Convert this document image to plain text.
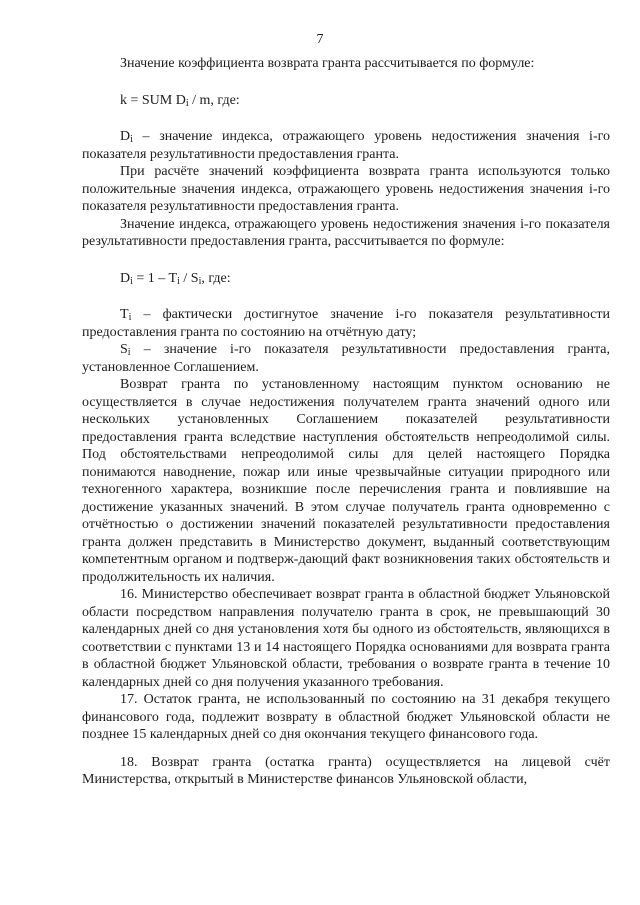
7

Значение коэффициента возврата гранта рассчитывается по формуле:

k = SUM $D_i$ / m, где:

$D_i$ – значение индекса, отражающего уровень недостижения значения i-го показателя результативности предоставления гранта.

При расчёте значений коэффициента возврата гранта используются только положительные значения индекса, отражающего уровень недостижения значения i-го показателя результативности предоставления гранта.

Значение индекса, отражающего уровень недостижения значения i-го показателя результативности предоставления гранта, рассчитывается по формуле:

$D_i = 1 - T_i / S_i$, где:

$T_i$ – фактически достигнутое значение i-го показателя результативности предоставления гранта по состоянию на отчётную дату;

$S_i$ – значение i-го показателя результативности предоставления гранта, установленное Соглашением.

Возврат гранта по установленному настоящим пунктом основанию не осуществляется в случае недостижения получателем гранта значений одного или нескольких установленных Соглашением показателей результативности предоставления гранта вследствие наступления обстоятельств непреодолимой силы. Под обстоятельствами непреодолимой силы для целей настоящего Порядка понимаются наводнение, пожар или иные чрезвычайные ситуации природного или техногенного характера, возникшие после перечисления гранта и повлиявшие на достижение указанных значений. В этом случае получатель гранта одновременно с отчётностью о достижении значений показателей результативности предоставления гранта должен представить в Министерство документ, выданный соответствующим компетентным органом и подтверж-дающий факт возникновения таких обстоятельств и продолжительность их наличия.

16. Министерство обеспечивает возврат гранта в областной бюджет Ульяновской области посредством направления получателю гранта в срок, не превышающий 30 календарных дней со дня установления хотя бы одного из обстоятельств, являющихся в соответствии с пунктами 13 и 14 настоящего Порядка основаниями для возврата гранта в областной бюджет Ульяновской области, требования о возврате гранта в течение 10 календарных дней со дня получения указанного требования.

17. Остаток гранта, не использованный по состоянию на 31 декабря текущего финансового года, подлежит возврату в областной бюджет Ульяновской области не позднее 15 календарных дней со дня окончания текущего финансового года.

18. Возврат гранта (остатка гранта) осуществляется на лицевой счёт Министерства, открытый в Министерстве финансов Ульяновской области,
